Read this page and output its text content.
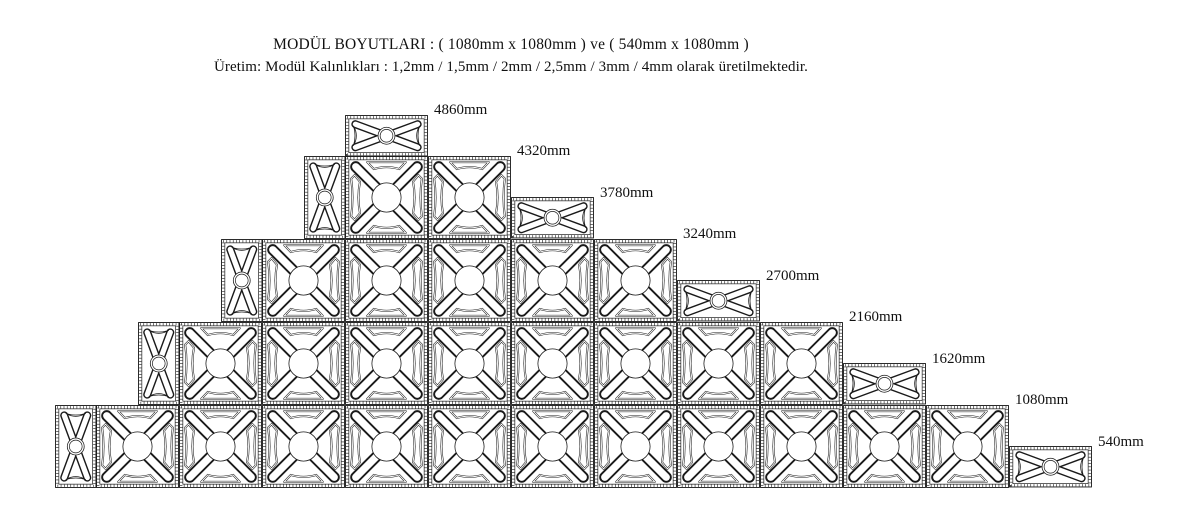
MODÜL BOYUTLARI : ( 1080mm x 1080mm ) ve ( 540mm x 1080mm )
Üretim: Modül Kalınlıkları : 1,2mm / 1,5mm / 2mm / 2,5mm / 3mm / 4mm olarak üretilmektedir.
4860mm
4320mm
3780mm
3240mm
2700mm
2160mm
1620mm
1080mm
540mm
